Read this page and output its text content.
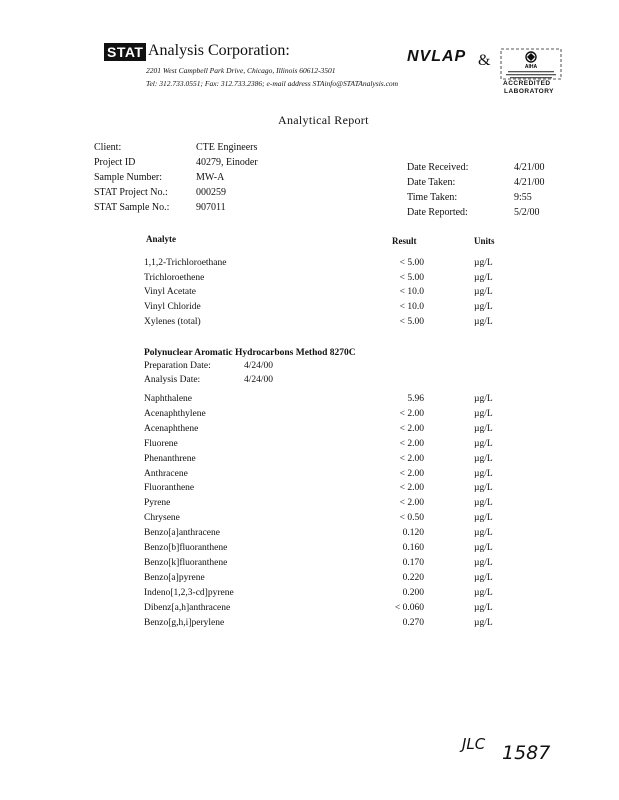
STAT Analysis Corporation:
2201 West Campbell Park Drive, Chicago, Illinois 60612-3501
Tel: 312.733.0551; Fax: 312.733.2386; e-mail address STAinfo@STATAnalysis.com
NVLAP &	AIHA
ACCREDITED
LABORATORY
Analytical Report
Client:	CTE Engineers
Project ID	40279, Einoder
Sample Number:	MW-A
STAT Project No.:	000259
STAT Sample No.:	907011
Date Received:	4/21/00
Date Taken:	4/21/00
Time Taken:	9:55
Date Reported:	5/2/00
Analyte	Result	Units
1,1,2-Trichloroethane	< 5.00	µg/L
Trichloroethene	< 5.00	µg/L
Vinyl Acetate	< 10.0	µg/L
Vinyl Chloride	< 10.0	µg/L
Xylenes (total)	< 5.00	µg/L
Polynuclear Aromatic Hydrocarbons Method 8270C
Preparation Date:	4/24/00
Analysis Date:	4/24/00
Naphthalene	5.96	µg/L
Acenaphthylene	< 2.00	µg/L
Acenaphthene	< 2.00	µg/L
Fluorene	< 2.00	µg/L
Phenanthrene	< 2.00	µg/L
Anthracene	< 2.00	µg/L
Fluoranthene	< 2.00	µg/L
Pyrene	< 2.00	µg/L
Chrysene	< 0.50	µg/L
Benzo[a]anthracene	0.120	µg/L
Benzo[b]fluoranthene	0.160	µg/L
Benzo[k]fluoranthene	0.170	µg/L
Benzo[a]pyrene	0.220	µg/L
Indeno[1,2,3-cd]pyrene	0.200	µg/L
Dibenz[a,h]anthracene	< 0.060	µg/L
Benzo[g,h,i]perylene	0.270	µg/L
JLC 1587
